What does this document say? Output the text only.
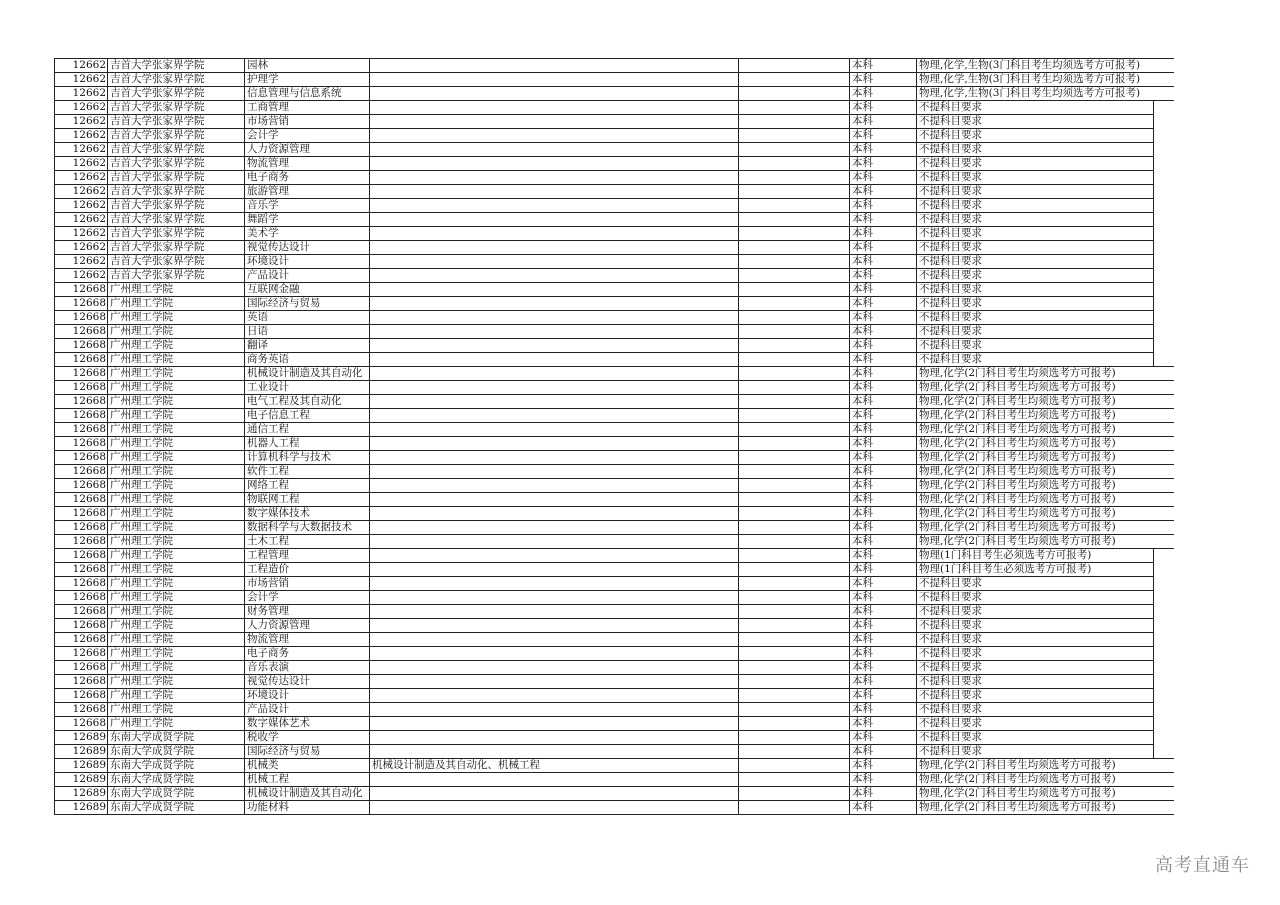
12662	吉首大学张家界学院	园林			本科	物理,化学,生物(3门科目考生均须选考方可报考)	
12662	吉首大学张家界学院	护理学			本科	物理,化学,生物(3门科目考生均须选考方可报考)	
12662	吉首大学张家界学院	信息管理与信息系统			本科	物理,化学,生物(3门科目考生均须选考方可报考)	
12662	吉首大学张家界学院	工商管理			本科	不提科目要求	
12662	吉首大学张家界学院	市场营销			本科	不提科目要求	
12662	吉首大学张家界学院	会计学			本科	不提科目要求	
12662	吉首大学张家界学院	人力资源管理			本科	不提科目要求	
12662	吉首大学张家界学院	物流管理			本科	不提科目要求	
12662	吉首大学张家界学院	电子商务			本科	不提科目要求	
12662	吉首大学张家界学院	旅游管理			本科	不提科目要求	
12662	吉首大学张家界学院	音乐学			本科	不提科目要求	
12662	吉首大学张家界学院	舞蹈学			本科	不提科目要求	
12662	吉首大学张家界学院	美术学			本科	不提科目要求	
12662	吉首大学张家界学院	视觉传达设计			本科	不提科目要求	
12662	吉首大学张家界学院	环境设计			本科	不提科目要求	
12662	吉首大学张家界学院	产品设计			本科	不提科目要求	
12668	广州理工学院	互联网金融			本科	不提科目要求	
12668	广州理工学院	国际经济与贸易			本科	不提科目要求	
12668	广州理工学院	英语			本科	不提科目要求	
12668	广州理工学院	日语			本科	不提科目要求	
12668	广州理工学院	翻译			本科	不提科目要求	
12668	广州理工学院	商务英语			本科	不提科目要求	
12668	广州理工学院	机械设计制造及其自动化			本科	物理,化学(2门科目考生均须选考方可报考)	
12668	广州理工学院	工业设计			本科	物理,化学(2门科目考生均须选考方可报考)	
12668	广州理工学院	电气工程及其自动化			本科	物理,化学(2门科目考生均须选考方可报考)	
12668	广州理工学院	电子信息工程			本科	物理,化学(2门科目考生均须选考方可报考)	
12668	广州理工学院	通信工程			本科	物理,化学(2门科目考生均须选考方可报考)	
12668	广州理工学院	机器人工程			本科	物理,化学(2门科目考生均须选考方可报考)	
12668	广州理工学院	计算机科学与技术			本科	物理,化学(2门科目考生均须选考方可报考)	
12668	广州理工学院	软件工程			本科	物理,化学(2门科目考生均须选考方可报考)	
12668	广州理工学院	网络工程			本科	物理,化学(2门科目考生均须选考方可报考)	
12668	广州理工学院	物联网工程			本科	物理,化学(2门科目考生均须选考方可报考)	
12668	广州理工学院	数字媒体技术			本科	物理,化学(2门科目考生均须选考方可报考)	
12668	广州理工学院	数据科学与大数据技术			本科	物理,化学(2门科目考生均须选考方可报考)	
12668	广州理工学院	土木工程			本科	物理,化学(2门科目考生均须选考方可报考)	
12668	广州理工学院	工程管理			本科	物理(1门科目考生必须选考方可报考)	
12668	广州理工学院	工程造价			本科	物理(1门科目考生必须选考方可报考)	
12668	广州理工学院	市场营销			本科	不提科目要求	
12668	广州理工学院	会计学			本科	不提科目要求	
12668	广州理工学院	财务管理			本科	不提科目要求	
12668	广州理工学院	人力资源管理			本科	不提科目要求	
12668	广州理工学院	物流管理			本科	不提科目要求	
12668	广州理工学院	电子商务			本科	不提科目要求	
12668	广州理工学院	音乐表演			本科	不提科目要求	
12668	广州理工学院	视觉传达设计			本科	不提科目要求	
12668	广州理工学院	环境设计			本科	不提科目要求	
12668	广州理工学院	产品设计			本科	不提科目要求	
12668	广州理工学院	数字媒体艺术			本科	不提科目要求	
12689	东南大学成贤学院	税收学			本科	不提科目要求	
12689	东南大学成贤学院	国际经济与贸易			本科	不提科目要求	
12689	东南大学成贤学院	机械类	机械设计制造及其自动化、机械工程		本科	物理,化学(2门科目考生均须选考方可报考)	
12689	东南大学成贤学院	机械工程			本科	物理,化学(2门科目考生均须选考方可报考)	
12689	东南大学成贤学院	机械设计制造及其自动化			本科	物理,化学(2门科目考生均须选考方可报考)	
12689	东南大学成贤学院	功能材料			本科	物理,化学(2门科目考生均须选考方可报考)	
高考直通车
